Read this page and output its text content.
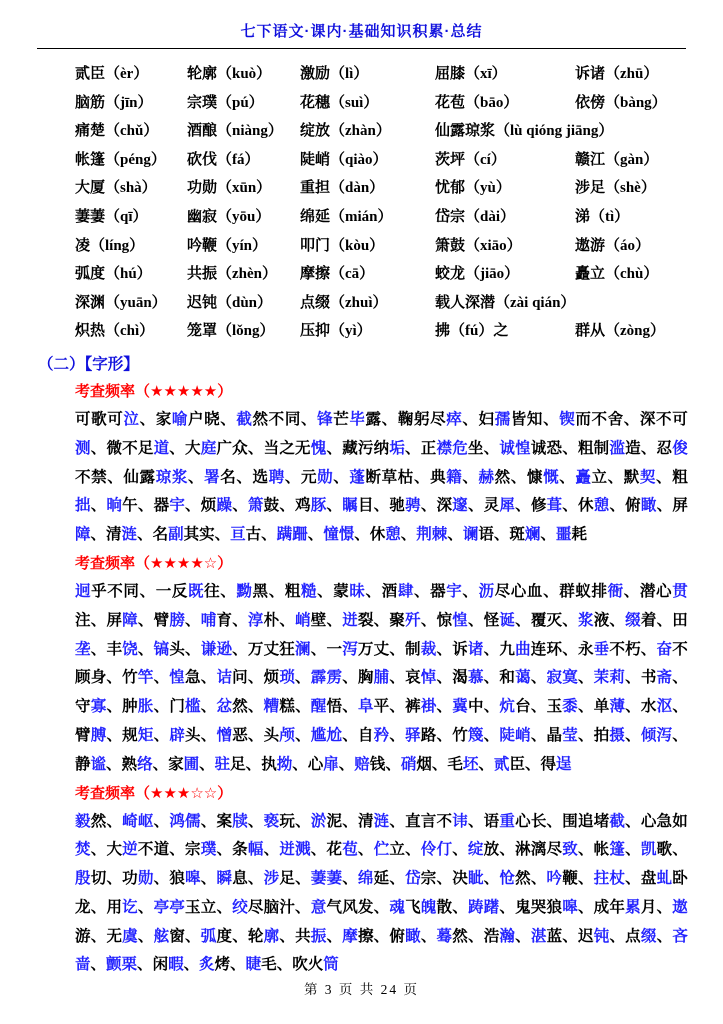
七下语文·课内·基础知识积累·总结
贰臣（èr）	轮廓（kuò）	激励（lì）	屈膝（xī）	诉诸（zhū）
脑筋（jīn）	宗璞（pú）	花穗（suì）	花苞（bāo）	依傍（bàng）
痛楚（chǔ）	酒酿（niàng）	绽放（zhàn）	仙露琼浆（lù qióng jiāng）
帐篷（péng）	砍伐（fá）	陡峭（qiào）	茨坪（cí）	赣江（gàn）
大厦（shà）	功勋（xūn）	重担（dàn）	忧郁（yù）	涉足（shè）
萋萋（qī）	幽寂（yōu）	绵延（mián）	岱宗（dài）	涕（tì）
凌（líng）	吟鞭（yín）	叩门（kòu）	箫鼓（xiāo）	遨游（áo）
弧度（hú）	共振（zhèn）	摩擦（cā）	蛟龙（jiāo）	矗立（chù）
深渊（yuān）	迟钝（dùn）	点缀（zhuì）	载人深潜（zài qián）
炽热（chì）	笼罩（lǒng）	压抑（yì）	拂（fú）之	群从（zòng）
（二）【字形】
考查频率（★★★★★）
可歌可泣、家喻户晓、截然不同、锋芒毕露、鞠躬尽瘁、妇孺皆知、锲而不舍、深不可测、微不足道、大庭广众、当之无愧、藏污纳垢、正襟危坐、诚惶诚恐、粗制滥造、忍俊不禁、仙露琼浆、署名、选聘、元勋、蓬断草枯、典籍、赫然、慷慨、矗立、默契、粗拙、晌午、器宇、烦躁、箫鼓、鸡豚、瞩目、驰骋、深邃、灵犀、修葺、休憩、俯瞰、屏障、清涟、名副其实、亘古、蹒跚、憧憬、休憩、荆棘、谰语、斑斓、噩耗
考查频率（★★★★☆）
迥乎不同、一反既往、黝黑、粗糙、蒙昧、酒肆、器宇、沥尽心血、群蚁排衙、潜心贯注、屏障、臂膀、哺育、淳朴、峭壁、迸裂、聚歼、惊惶、怪诞、覆灭、浆液、缀着、田垄、丰饶、镐头、谦逊、万丈狂澜、一泻万丈、制裁、诉诸、九曲连环、永垂不朽、奋不顾身、竹竿、惶急、诘问、烦琐、霹雳、胸脯、哀悼、渴慕、和蔼、寂寞、茉莉、书斋、守寡、肿胀、门槛、忿然、糟糕、醒悟、阜平、裤褂、冀中、炕台、玉黍、单薄、水沤、臂膊、规矩、辟头、憎恶、头颅、尴尬、自矜、驿路、竹篾、陡峭、晶莹、拍摄、倾泻、静谧、熟络、家圃、驻足、执拗、心扉、赔钱、硝烟、毛坯、贰臣、得逞
考查频率（★★★☆☆）
毅然、崎岖、鸿儒、案牍、亵玩、淤泥、清涟、直言不讳、语重心长、围追堵截、心急如焚、大逆不道、宗璞、条幅、迸溅、花苞、伫立、伶仃、绽放、淋漓尽致、帐篷、凯歌、殷切、功勋、狼嗥、瞬息、涉足、萋萋、绵延、岱宗、决眦、怆然、吟鞭、拄杖、盘虬卧龙、用讫、亭亭玉立、绞尽脑汁、意气风发、魂飞魄散、踌躇、鬼哭狼嗥、成年累月、遨游、无虞、舷窗、弧度、轮廓、共振、摩擦、俯瞰、蓦然、浩瀚、湛蓝、迟钝、点缀、吝啬、颤栗、闲暇、炙烤、睫毛、吹火筒
第 3 页 共 24 页
